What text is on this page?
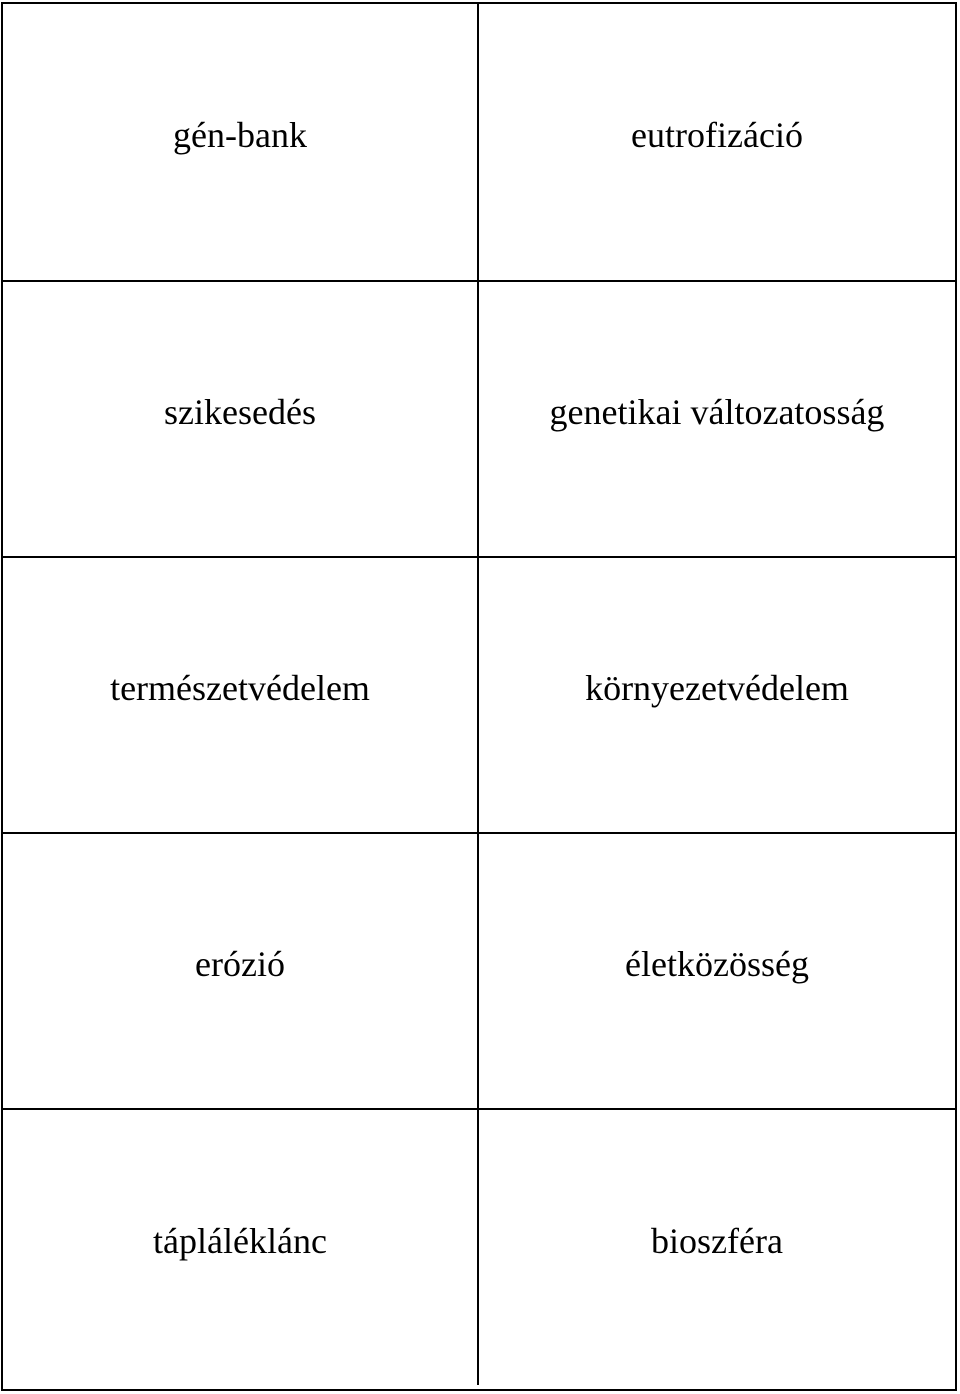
gén-bank	eutrofizáció
szikesedés	genetikai változatosság
természetvédelem	környezetvédelem
erózió	életközösség
tápláléklánc	bioszféra
